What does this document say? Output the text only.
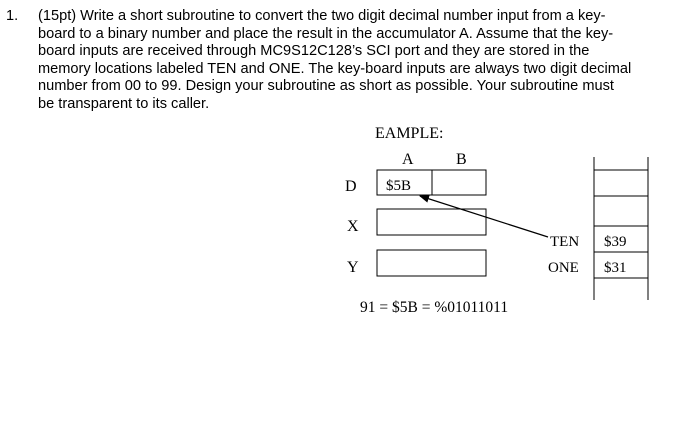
1. (15pt) Write a short subroutine to convert the two digit decimal number input from a key-
board to a binary number and place the result in the accumulator A. Assume that the key-
board inputs are received through MC9S12C128’s SCI port and they are stored in the
memory locations labeled TEN and ONE. The key-board inputs are always two digit decimal
number from 00 to 99. Design your subroutine as short as possible. Your subroutine must
be transparent to its caller.
EAMPLE:
A	B
D
X
Y
$5B
TEN $39
ONE $31
91 = $5B = %01011011
